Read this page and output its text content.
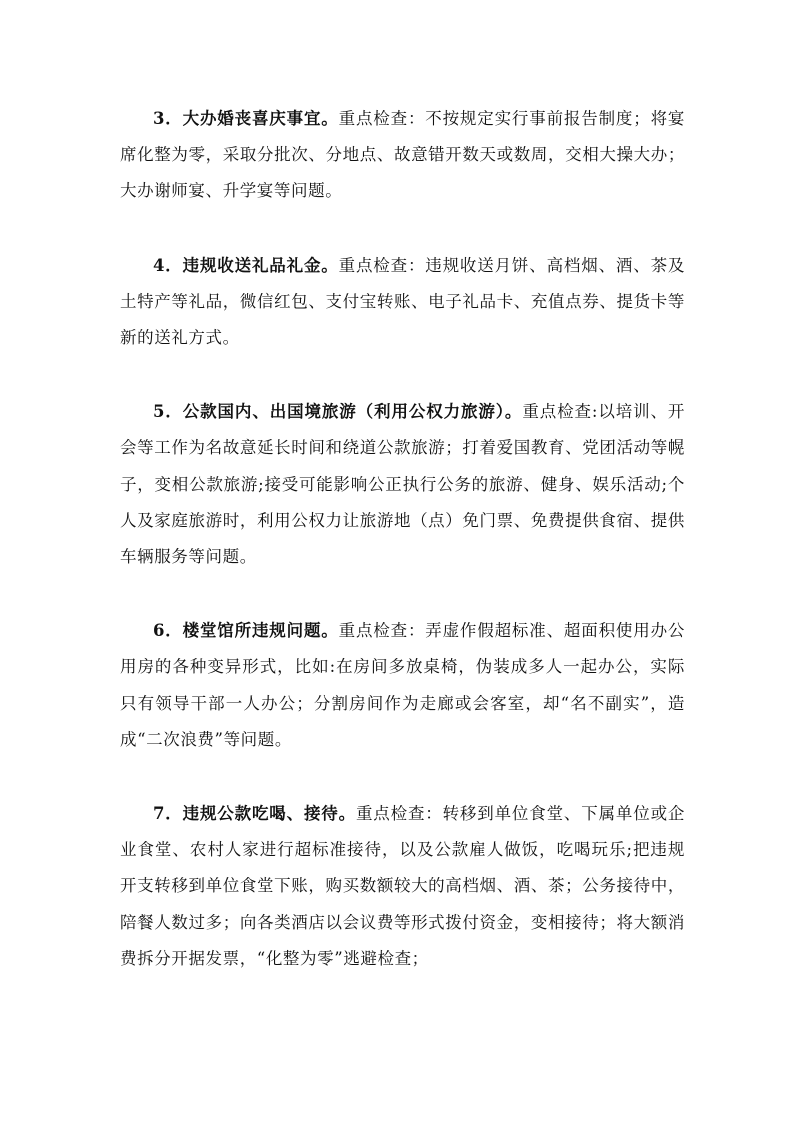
3．大办婚丧喜庆事宜。重点检查：不按规定实行事前报告制度；将宴席化整为零，采取分批次、分地点、故意错开数天或数周，交相大操大办；大办谢师宴、升学宴等问题。

4．违规收送礼品礼金。重点检查：违规收送月饼、高档烟、酒、茶及土特产等礼品，微信红包、支付宝转账、电子礼品卡、充值点券、提货卡等新的送礼方式。

5．公款国内、出国境旅游（利用公权力旅游）。重点检查:以培训、开会等工作为名故意延长时间和绕道公款旅游；打着爱国教育、党团活动等幌子，变相公款旅游;接受可能影响公正执行公务的旅游、健身、娱乐活动;个人及家庭旅游时，利用公权力让旅游地（点）免门票、免费提供食宿、提供车辆服务等问题。

6．楼堂馆所违规问题。重点检查：弄虚作假超标准、超面积使用办公用房的各种变异形式，比如:在房间多放桌椅，伪装成多人一起办公，实际只有领导干部一人办公；分割房间作为走廊或会客室，却“名不副实”，造成“二次浪费”等问题。

7．违规公款吃喝、接待。重点检查：转移到单位食堂、下属单位或企业食堂、农村人家进行超标准接待，以及公款雇人做饭，吃喝玩乐;把违规开支转移到单位食堂下账，购买数额较大的高档烟、酒、茶；公务接待中，陪餐人数过多；向各类酒店以会议费等形式拨付资金，变相接待；将大额消费拆分开据发票，“化整为零”逃避检查；
